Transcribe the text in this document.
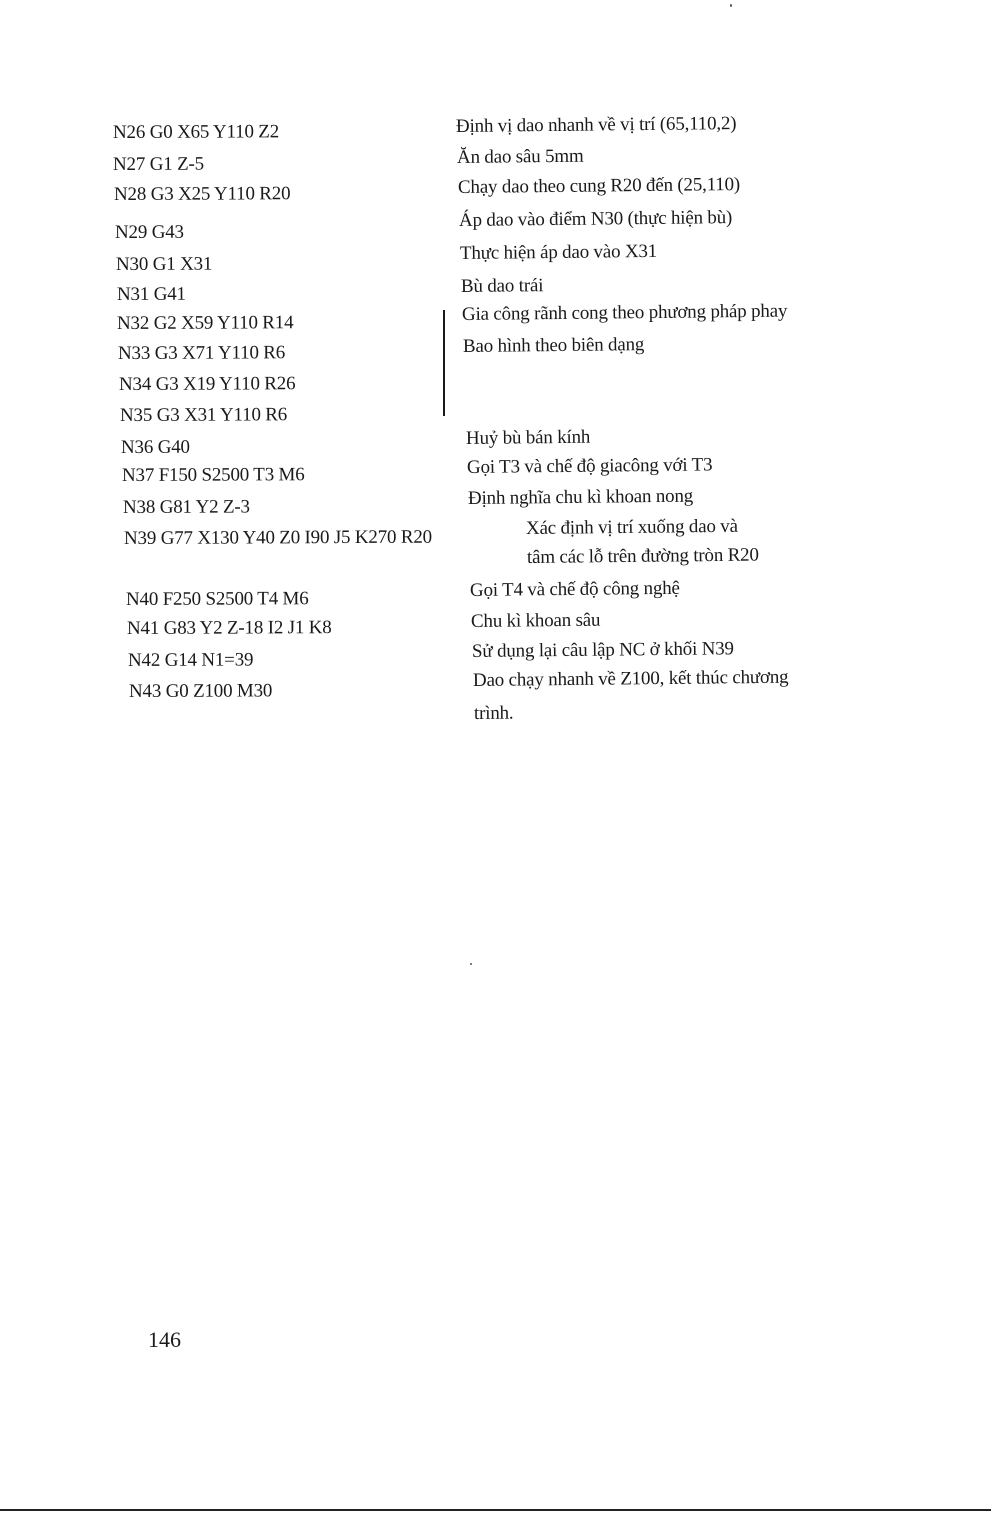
N26 G0 X65 Y110 Z2
N27 G1 Z-5
N28 G3 X25 Y110 R20
N29 G43
N30 G1 X31
N31 G41
N32 G2 X59 Y110 R14
N33 G3 X71 Y110 R6
N34 G3 X19 Y110 R26
N35 G3 X31 Y110 R6
N36 G40
N37 F150 S2500 T3 M6
N38 G81 Y2 Z-3
N39 G77 X130 Y40 Z0 I90 J5 K270 R20
N40 F250 S2500 T4 M6
N41 G83 Y2 Z-18 I2 J1 K8
N42 G14 N1=39
N43 G0 Z100 M30
Định vị dao nhanh về vị trí (65,110,2)
Ăn dao sâu 5mm
Chạy dao theo cung R20 đến (25,110)
Áp dao vào điểm N30 (thực hiện bù)
Thực hiện áp dao vào X31
Bù dao trái
Gia công rãnh cong theo phương pháp phay
Bao hình theo biên dạng
Huỷ bù bán kính
Gọi T3 và chế độ giacông với T3
Định nghĩa chu kì khoan nong
Xác định vị trí xuống dao và
tâm các lỗ trên đường tròn R20
Gọi T4 và chế độ công nghệ
Chu kì khoan sâu
Sử dụng lại câu lập NC ở khối N39
Dao chạy nhanh về Z100, kết thúc chương
trình.
146
